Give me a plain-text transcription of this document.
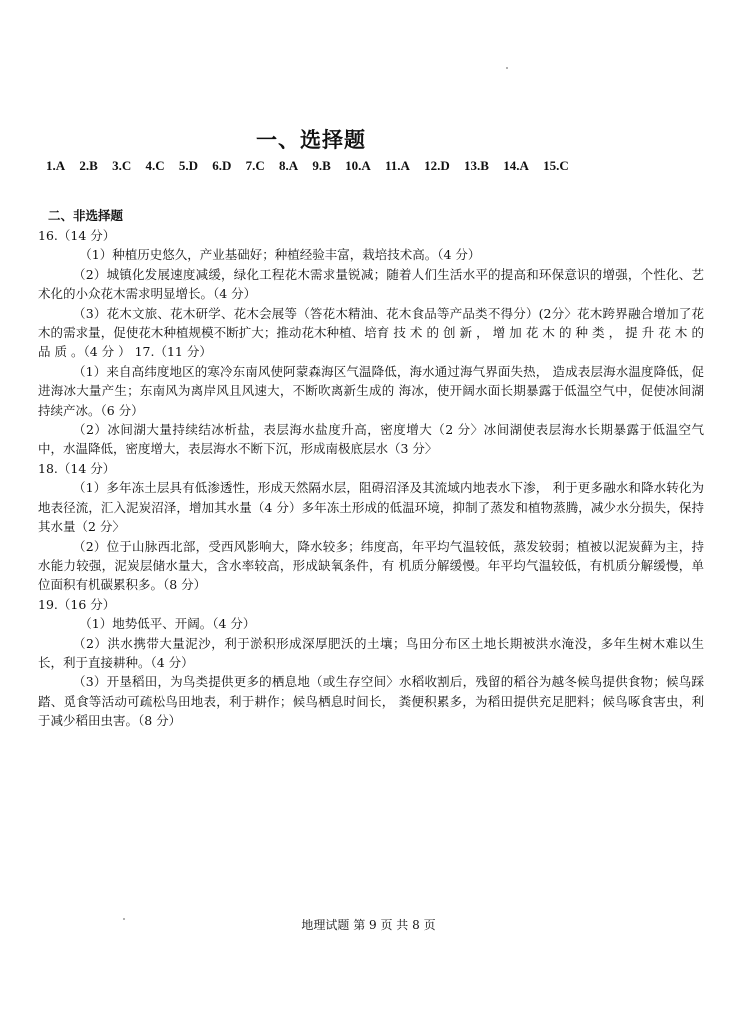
一、选择题
1.A 2.B 3.C 4.C 5.D 6.D 7.C 8.A 9.B 10.A 11.A 12.D 13.B 14.A 15.C
二、非选择题
16.（14 分）
（1）种植历史悠久，产业基础好；种植经验丰富，栽培技术高。（4 分）
（2）城镇化发展速度减缓，绿化工程花木需求量锐减；随着人们生活水平的提高和环保意识的增强，个性化、艺术化的小众花木需求明显增长。（4 分）
（3）花木文旅、花木研学、花木会展等（答花木精油、花木食品等产品类不得分）(2分〉花木跨界融合增加了花木的需求量，促使花木种植规模不断扩大；推动花木种植、培育 技 术 的 创 新 ， 增 加 花 木 的 种 类 ， 提 升 花 木 的 品 质 。（4 分 ） 17.（11 分）
（1）来自高纬度地区的寒冷东南风使阿蒙森海区气温降低，海水通过海气界面失热， 造成表层海水温度降低，促进海冰大量产生；东南风为离岸风且风速大，不断吹离新生成的 海冰，使开阔水面长期暴露于低温空气中，促使冰间湖持续产冰。（6 分）
（2）冰间湖大量持续结冰析盐，表层海水盐度升高，密度增大（2 分〉冰间湖使表层海水长期暴露于低温空气中，水温降低，密度增大，表层海水不断下沉，形成南极底层水（3 分〉
18.（14 分）
（1）多年冻土层具有低渗透性，形成天然隔水层，阻碍沼泽及其流域内地表水下渗， 利于更多融水和降水转化为地表径流，汇入泥炭沼泽，增加其水量（4 分）多年冻土形成的低温环境，抑制了蒸发和植物蒸腾，减少水分损失，保持其水量（2 分〉
（2）位于山脉西北部，受西风影响大，降水较多；纬度高，年平均气温较低，蒸发较弱；植被以泥炭藓为主，持水能力较强，泥炭层储水量大，含水率较高，形成缺氧条件，有 机质分解缓慢。年平均气温较低，有机质分解缓慢，单位面积有机碳累积多。（8 分）
19.（16 分）
（1）地势低平、开阔。（4 分）
（2）洪水携带大量泥沙，利于淤积形成深厚肥沃的土壤；鸟田分布区土地长期被洪水淹没，多年生树木难以生长，利于直接耕种。（4 分）
（3）开垦稻田，为鸟类提供更多的栖息地（或生存空间〉水稻收割后，残留的稻谷为越冬候鸟提供食物；候鸟踩踏、觅食等活动可疏松鸟田地表，利于耕作；候鸟栖息时间长， 粪便积累多，为稻田提供充足肥料；候鸟啄食害虫，利于减少稻田虫害。（8 分）
地理试题 第 9 页 共 8 页
